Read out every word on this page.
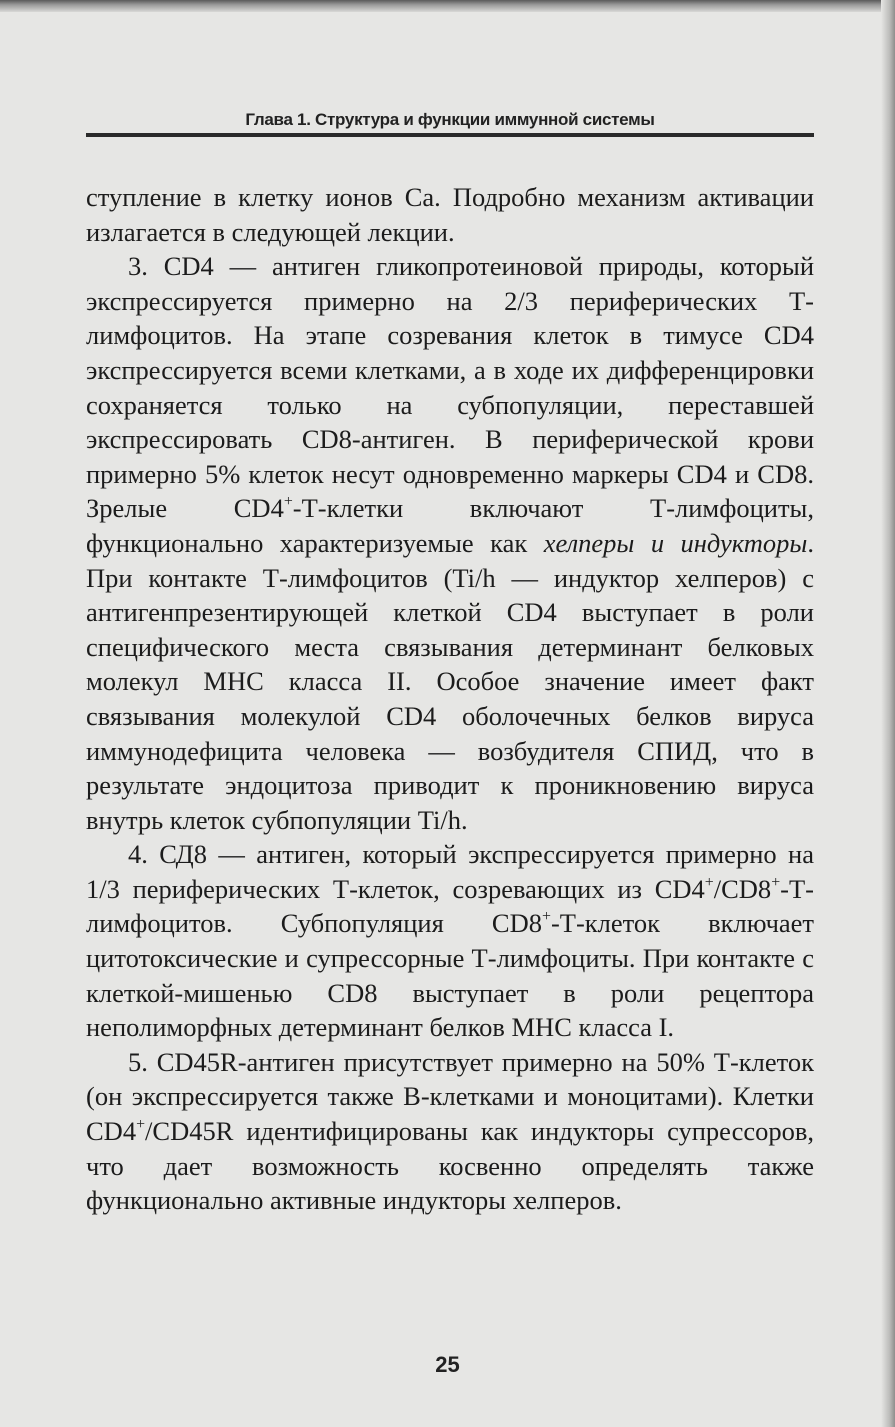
Глава 1. Структура и функции иммунной системы

ступление в клетку ионов Ca. Подробно механизм активации излагается в следующей лекции.

3. CD4 — антиген гликопротеиновой природы, который экспрессируется примерно на 2/3 периферических Т-лимфоцитов. На этапе созревания клеток в тимусе CD4 экспрессируется всеми клетками, а в ходе их дифференцировки сохраняется только на субпопуляции, переставшей экспрессировать CD8-антиген. В периферической крови примерно 5% клеток несут одновременно маркеры CD4 и CD8. Зрелые CD4+-Т-клетки включают Т-лимфоциты, функционально характеризуемые как хелперы и индукторы. При контакте Т-лимфоцитов (Ti/h — индуктор хелперов) с антигенпрезентирующей клеткой CD4 выступает в роли специфического места связывания детерминант белковых молекул МНС класса II. Особое значение имеет факт связывания молекулой CD4 оболочечных белков вируса иммунодефицита человека — возбудителя СПИД, что в результате эндоцитоза приводит к проникновению вируса внутрь клеток субпопуляции Ti/h.

4. СД8 — антиген, который экспрессируется примерно на 1/3 периферических Т-клеток, созревающих из CD4+/CD8+-Т-лимфоцитов. Субпопуляция CD8+-Т-клеток включает цитотоксические и супрессорные Т-лимфоциты. При контакте с клеткой-мишенью CD8 выступает в роли рецептора неполиморфных детерминант белков МНС класса I.

5. CD45R-антиген присутствует примерно на 50% Т-клеток (он экспрессируется также В-клетками и моноцитами). Клетки CD4+/CD45R идентифицированы как индукторы супрессоров, что дает возможность косвенно определять также функционально активные индукторы хелперов.

25
